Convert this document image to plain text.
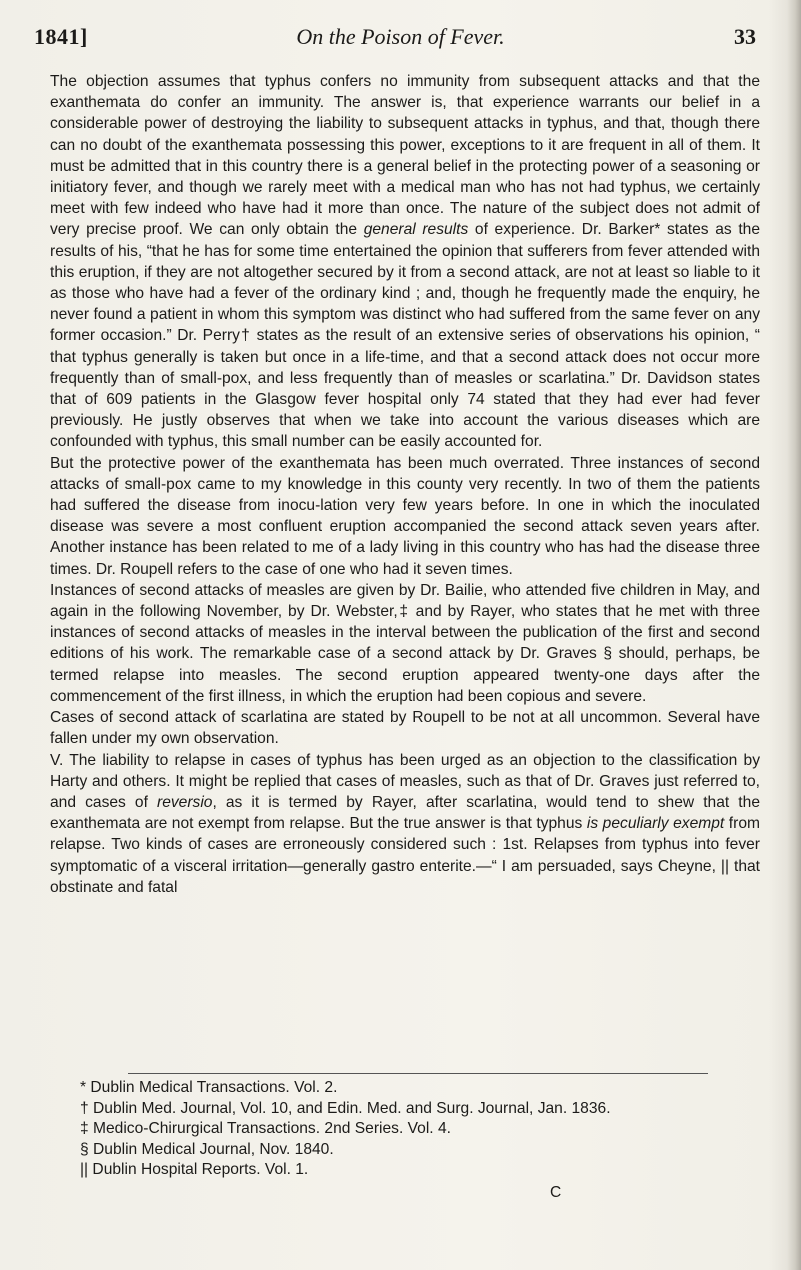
1841]	On the Poison of Fever.	33

The objection assumes that typhus confers no immunity from subsequent attacks and that the exanthemata do confer an immunity. The answer is, that experience warrants our belief in a considerable power of destroying the liability to subsequent attacks in typhus, and that, though there can no doubt of the exanthemata possessing this power, exceptions to it are frequent in all of them. It must be admitted that in this country there is a general belief in the protecting power of a seasoning or initiatory fever, and though we rarely meet with a medical man who has not had typhus, we certainly meet with few indeed who have had it more than once. The nature of the subject does not admit of very precise proof. We can only obtain the general results of experience. Dr. Barker* states as the results of his, “that he has for some time entertained the opinion that sufferers from fever attended with this eruption, if they are not altogether secured by it from a second attack, are not at least so liable to it as those who have had a fever of the ordinary kind ; and, though he frequently made the enquiry, he never found a patient in whom this symptom was distinct who had suffered from the same fever on any former occasion.” Dr. Perry† states as the result of an extensive series of observations his opinion, “ that typhus generally is taken but once in a life-time, and that a second attack does not occur more frequently than of small-pox, and less frequently than of measles or scarlatina.” Dr. Davidson states that of 609 patients in the Glasgow fever hospital only 74 stated that they had ever had fever previously. He justly observes that when we take into account the various diseases which are confounded with typhus, this small number can be easily accounted for.

But the protective power of the exanthemata has been much overrated. Three instances of second attacks of small-pox came to my knowledge in this county very recently. In two of them the patients had suffered the disease from inocu-lation very few years before. In one in which the inoculated disease was severe a most confluent eruption accompanied the second attack seven years after. Another instance has been related to me of a lady living in this country who has had the disease three times. Dr. Roupell refers to the case of one who had it seven times.

Instances of second attacks of measles are given by Dr. Bailie, who attended five children in May, and again in the following November, by Dr. Webster,‡ and by Rayer, who states that he met with three instances of second attacks of measles in the interval between the publication of the first and second editions of his work. The remarkable case of a second attack by Dr. Graves § should, perhaps, be termed relapse into measles. The second eruption appeared twenty-one days after the commencement of the first illness, in which the eruption had been copious and severe.

Cases of second attack of scarlatina are stated by Roupell to be not at all uncommon. Several have fallen under my own observation.

V. The liability to relapse in cases of typhus has been urged as an objection to the classification by Harty and others. It might be replied that cases of measles, such as that of Dr. Graves just referred to, and cases of reversio, as it is termed by Rayer, after scarlatina, would tend to shew that the exanthemata are not exempt from relapse. But the true answer is that typhus is peculiarly exempt from relapse. Two kinds of cases are erroneously considered such : 1st. Relapses from typhus into fever symptomatic of a visceral irritation—generally gastro enterite.—“ I am persuaded, says Cheyne, || that obstinate and fatal

* Dublin Medical Transactions. Vol. 2.

† Dublin Med. Journal, Vol. 10, and Edin. Med. and Surg. Journal, Jan. 1836.

‡ Medico-Chirurgical Transactions. 2nd Series. Vol. 4.

§ Dublin Medical Journal, Nov. 1840.

|| Dublin Hospital Reports. Vol. 1.

C
